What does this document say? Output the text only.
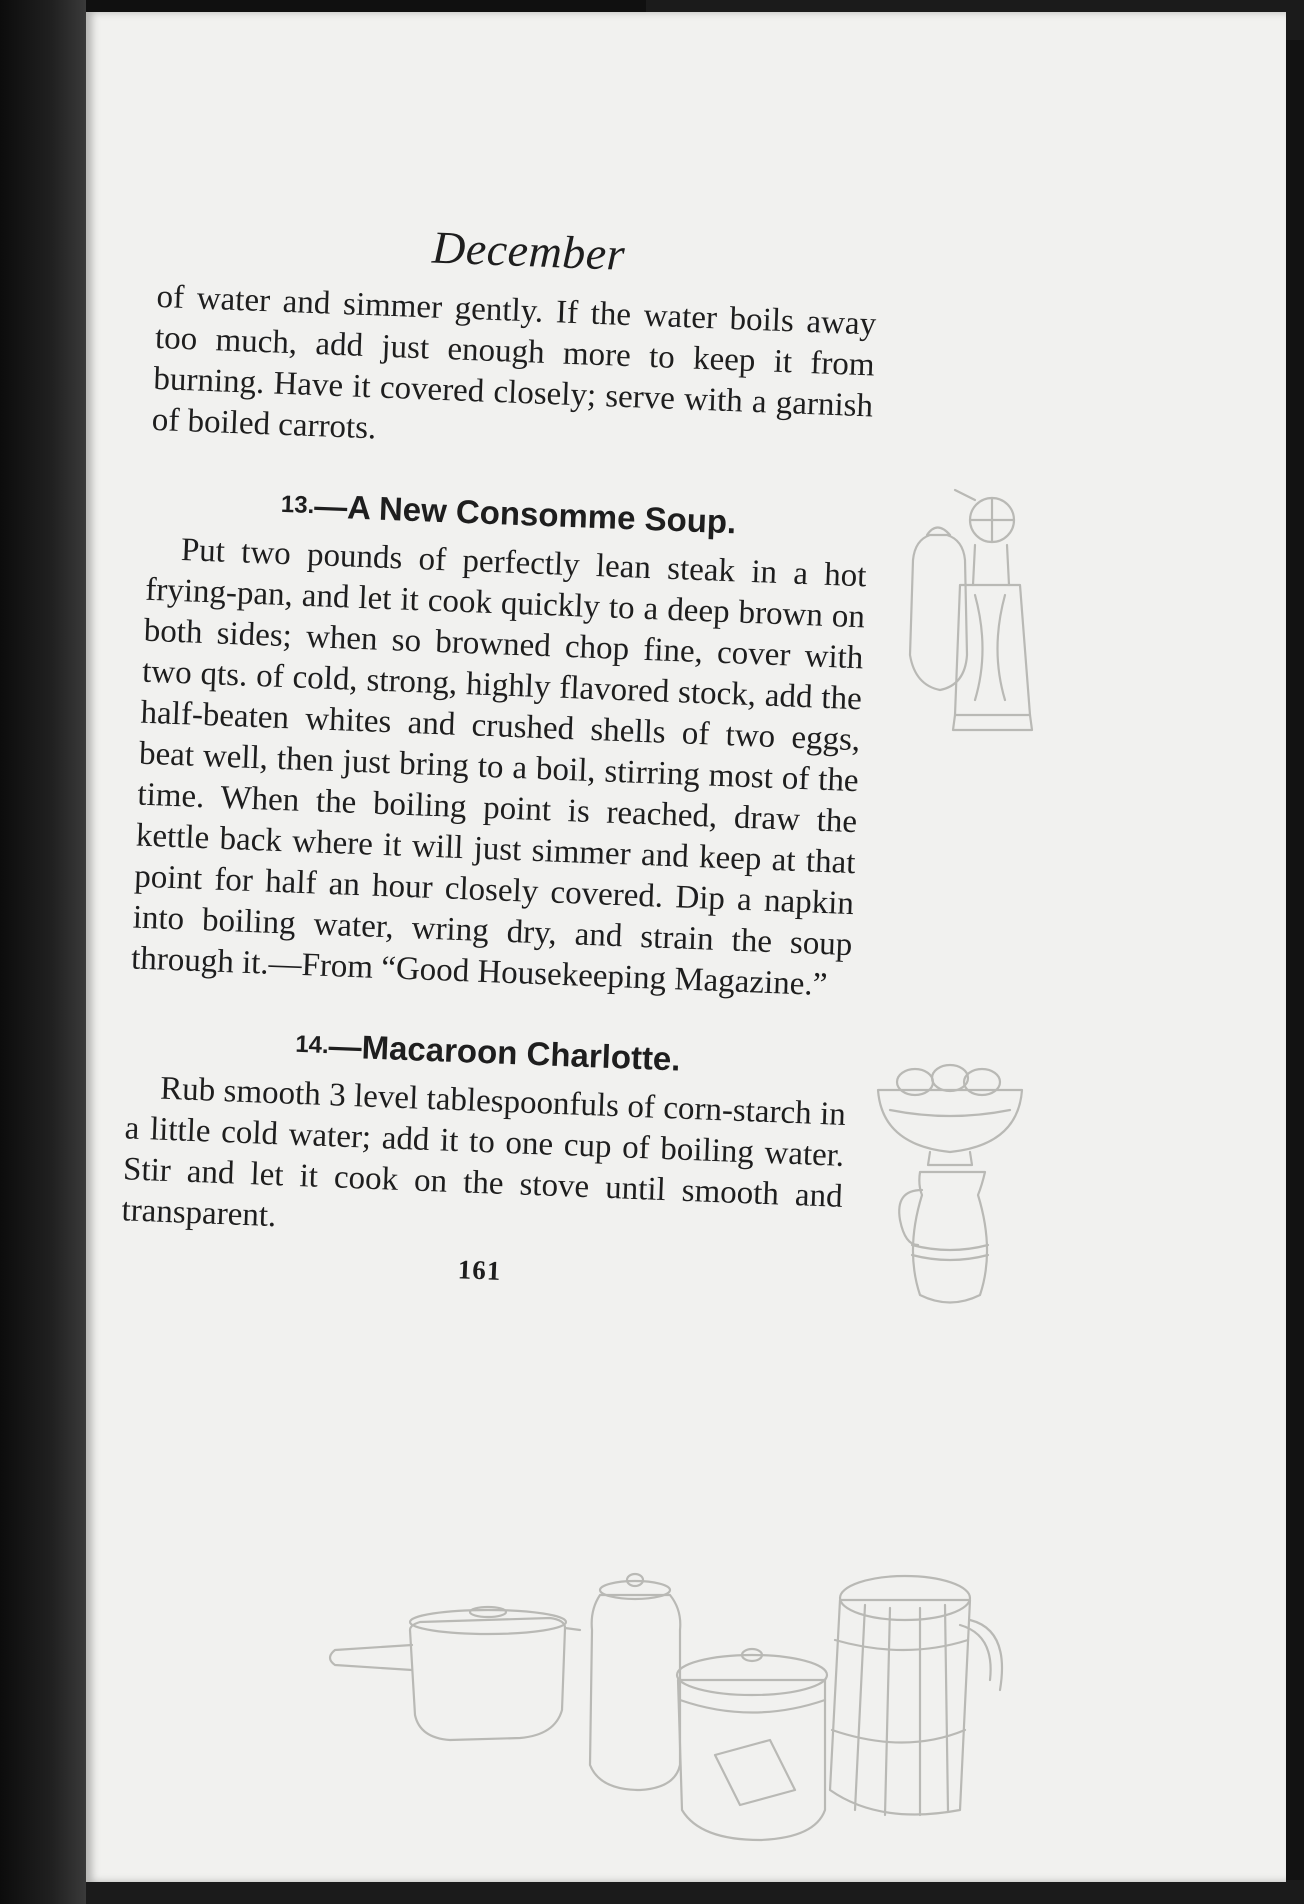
December

of water and simmer gently. If the water boils away too much, add just enough more to keep it from burning. Have it covered closely; serve with a garnish of boiled carrots.

13.—A New Consomme Soup.

Put two pounds of perfectly lean steak in a hot frying-pan, and let it cook quickly to a deep brown on both sides; when so browned chop fine, cover with two qts. of cold, strong, highly flavored stock, add the half-beaten whites and crushed shells of two eggs, beat well, then just bring to a boil, stirring most of the time. When the boiling point is reached, draw the kettle back where it will just simmer and keep at that point for half an hour closely covered. Dip a napkin into boiling water, wring dry, and strain the soup through it.—From “Good Housekeeping Magazine.”

14.—Macaroon Charlotte.

Rub smooth 3 level tablespoonfuls of corn-starch in a little cold water; add it to one cup of boiling water. Stir and let it cook on the stove until smooth and transparent.

161
